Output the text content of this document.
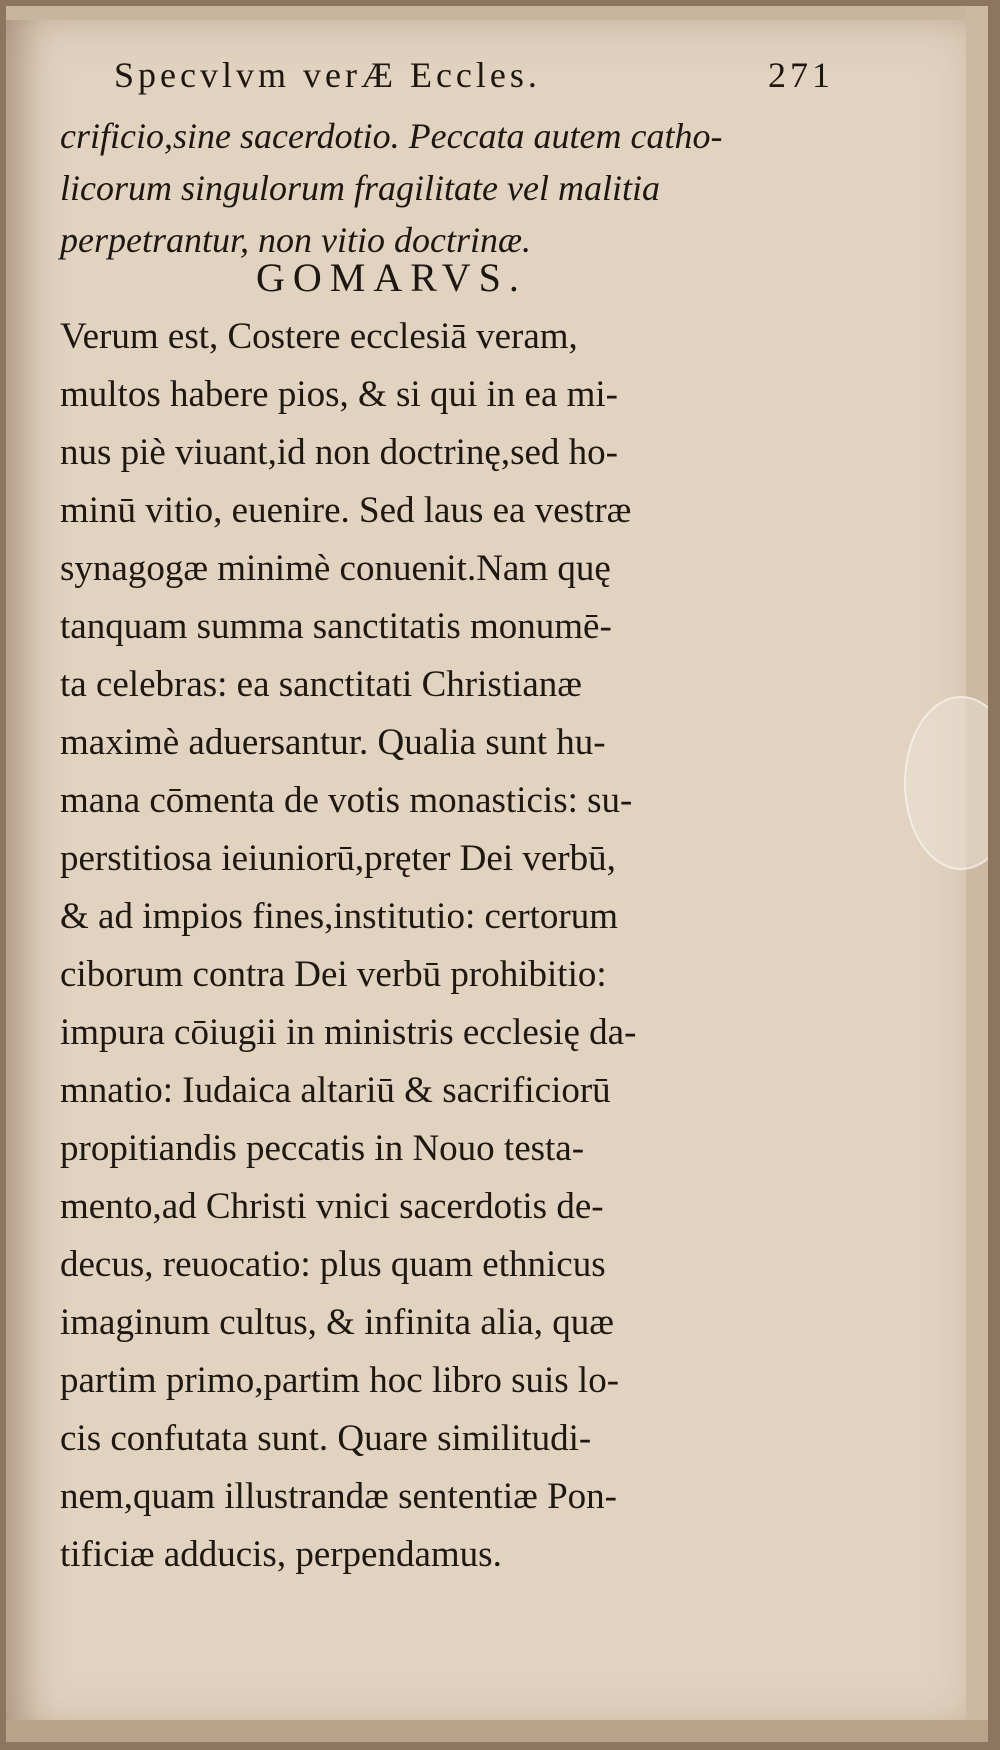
Specvlvm verÆ Eccles.	271
crificio,sine sacerdotio. Peccata autem catho-
licorum singulorum fragilitate vel malitia
perpetrantur, non vitio doctrinæ.
GOMARVS.
Verum est, Costere ecclesiā veram,
multos habere pios, & si qui in ea mi-
nus piè viuant,id non doctrinę,sed ho-
minū vitio, euenire. Sed laus ea vestræ
synagogæ minimè conuenit.Nam quę
tanquam summa sanctitatis monumē-
ta celebras: ea sanctitati Christianæ
maximè aduersantur. Qualia sunt hu-
mana cōmenta de votis monasticis: su-
perstitiosa ieiuniorū,pręter Dei verbū,
& ad impios fines,institutio: certorum
ciborum contra Dei verbū prohibitio:
impura cōiugii in ministris ecclesię da-
mnatio: Iudaica altariū & sacrificiorū
propitiandis peccatis in Nouo testa-
mento,ad Christi vnici sacerdotis de-
decus, reuocatio: plus quam ethnicus
imaginum cultus, & infinita alia, quæ
partim primo,partim hoc libro suis lo-
cis confutata sunt. Quare similitudi-
nem,quam illustrandæ sententiæ Pon-
tificiæ adducis, perpendamus.
